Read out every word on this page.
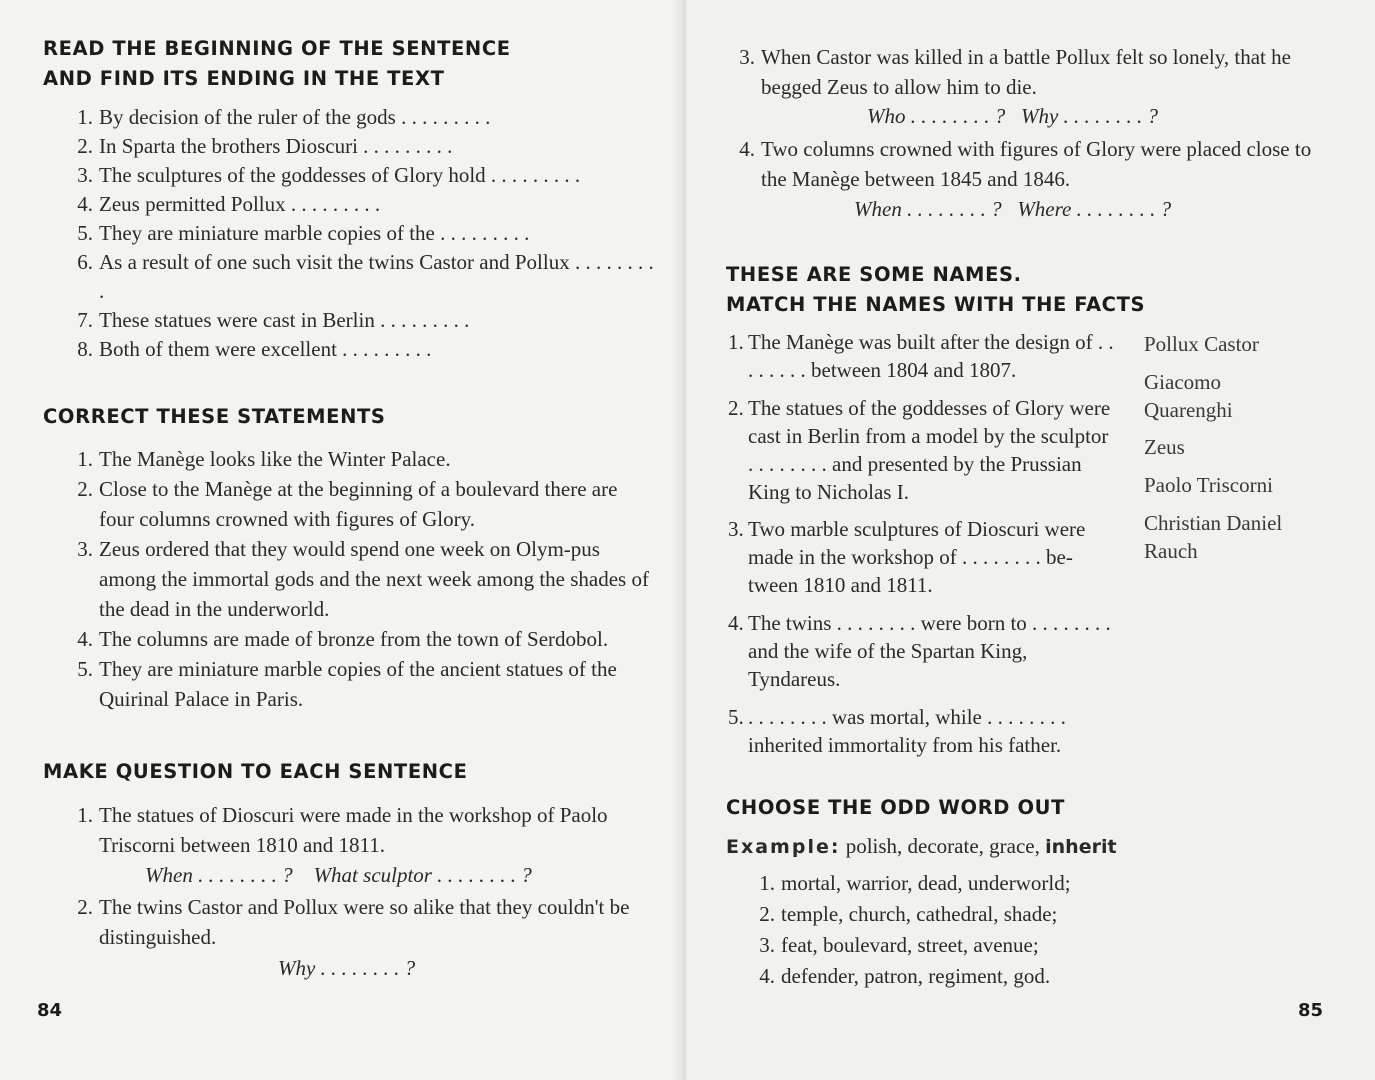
READ THE BEGINNING OF THE SENTENCE
AND FIND ITS ENDING IN THE TEXT
1. By decision of the ruler of the gods . . . . . . . . .
2. In Sparta the brothers Dioscuri . . . . . . . . .
3. The sculptures of the goddesses of Glory hold . . . . . . . . .
4. Zeus permitted Pollux . . . . . . . . .
5. They are miniature marble copies of the . . . . . . . . .
6. As a result of one such visit the twins Castor and Pollux . . . . . . . . .
7. These statues were cast in Berlin . . . . . . . . .
8. Both of them were excellent . . . . . . . . .
CORRECT THESE STATEMENTS
1. The Manège looks like the Winter Palace.
2. Close to the Manège at the beginning of a boulevard there are four columns crowned with figures of Glory.
3. Zeus ordered that they would spend one week on Olym-pus among the immortal gods and the next week among the shades of the dead in the underworld.
4. The columns are made of bronze from the town of Serdobol.
5. They are miniature marble copies of the ancient statues of the Quirinal Palace in Paris.
MAKE QUESTION TO EACH SENTENCE
1. The statues of Dioscuri were made in the workshop of Paolo Triscorni between 1810 and 1811.
When . . . . . . . . ?    What sculptor . . . . . . . . ?
2. The twins Castor and Pollux were so alike that they couldn't be distinguished.
Why . . . . . . . . ?
84
3. When Castor was killed in a battle Pollux felt so lonely, that he begged Zeus to allow him to die.
Who . . . . . . . . ?   Why . . . . . . . . ?
4. Two columns crowned with figures of Glory were placed close to the Manège between 1845 and 1846.
When . . . . . . . . ?   Where . . . . . . . . ?
THESE ARE SOME NAMES.
MATCH THE NAMES WITH THE FACTS
1. The Manège was built after the design of . . . . . . . . between 1804 and 1807.
2. The statues of the goddesses of Glory were cast in Berlin from a model by the sculptor . . . . . . . . and presented by the Prussian King to Nicholas I.
3. Two marble sculptures of Dioscuri were made in the workshop of . . . . . . . . be-tween 1810 and 1811.
4. The twins . . . . . . . . were born to . . . . . . . . and the wife of the Spartan King, Tyndareus.
5. . . . . . . . . was mortal, while . . . . . . . . inherited immortality from his father.
Pollux Castor
Giacomo Quarenghi
Zeus
Paolo Triscorni
Christian Daniel Rauch
CHOOSE THE ODD WORD OUT
Example: polish, decorate, grace, inherit
1. mortal, warrior, dead, underworld;
2. temple, church, cathedral, shade;
3. feat, boulevard, street, avenue;
4. defender, patron, regiment, god.
85
